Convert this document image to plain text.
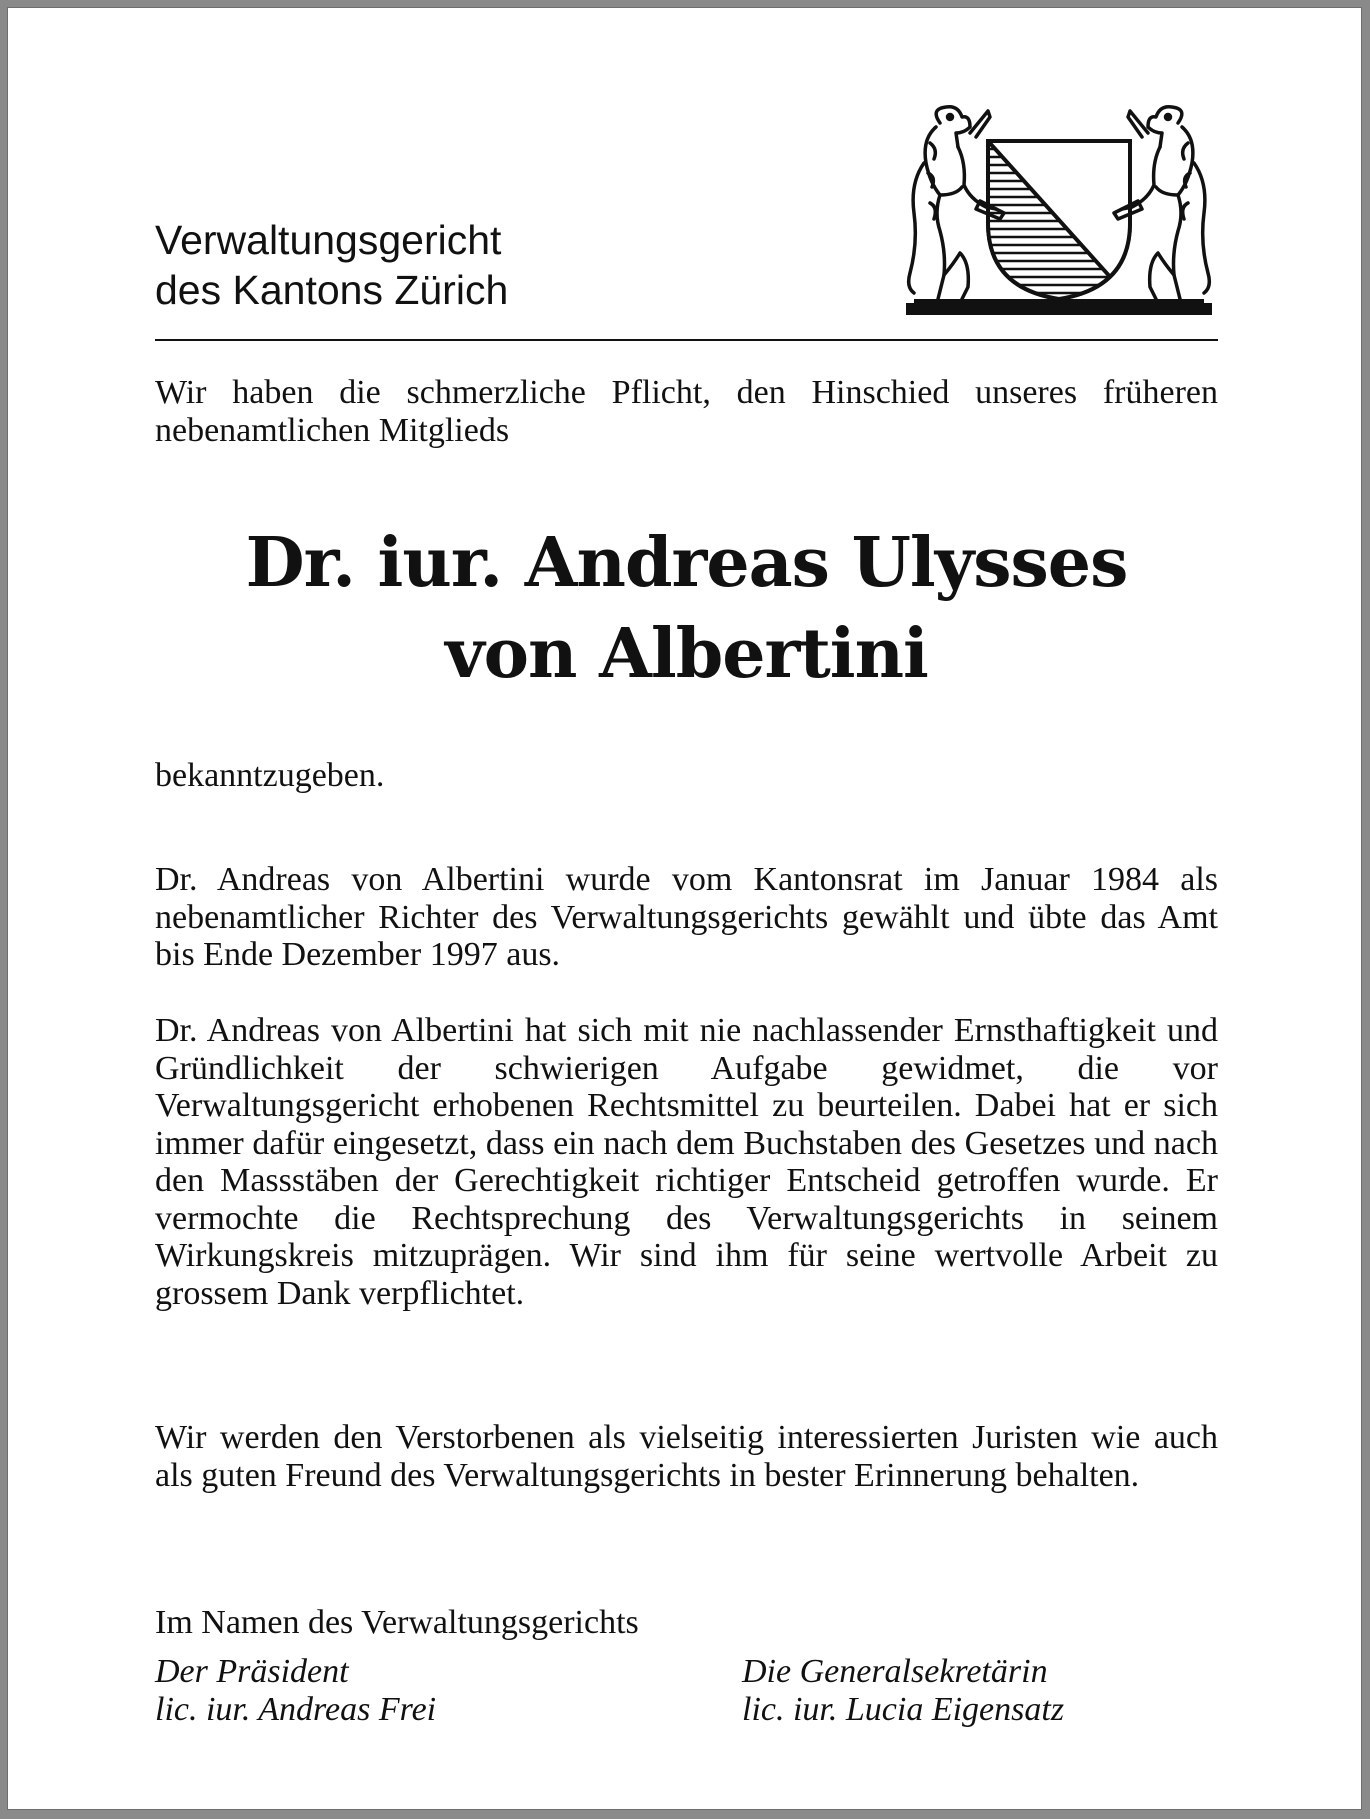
Verwaltungsgericht
des Kantons Zürich
Wir haben die schmerzliche Pflicht, den Hinschied unseres früheren nebenamtlichen Mitglieds
Dr. iur. Andreas Ulysses
von Albertini
bekanntzugeben.
Dr. Andreas von Albertini wurde vom Kantonsrat im Januar 1984 als nebenamtlicher Richter des Verwaltungsgerichts gewählt und übte das Amt bis Ende Dezember 1997 aus.
Dr. Andreas von Albertini hat sich mit nie nachlassender Ernsthaftigkeit und Gründlichkeit der schwierigen Aufgabe gewidmet, die vor Verwaltungsgericht erhobenen Rechtsmittel zu beurteilen. Dabei hat er sich immer dafür eingesetzt, dass ein nach dem Buchstaben des Gesetzes und nach den Massstäben der Gerechtigkeit richtiger Entscheid getroffen wurde. Er vermochte die Rechtsprechung des Verwaltungsgerichts in seinem Wirkungskreis mitzuprägen. Wir sind ihm für seine wertvolle Arbeit zu grossem Dank verpflichtet.
Wir werden den Verstorbenen als vielseitig interessierten Juristen wie auch als guten Freund des Verwaltungsgerichts in bester Erinnerung behalten.
Im Namen des Verwaltungsgerichts
Der Präsident
lic. iur. Andreas Frei
Die Generalsekretärin
lic. iur. Lucia Eigensatz
